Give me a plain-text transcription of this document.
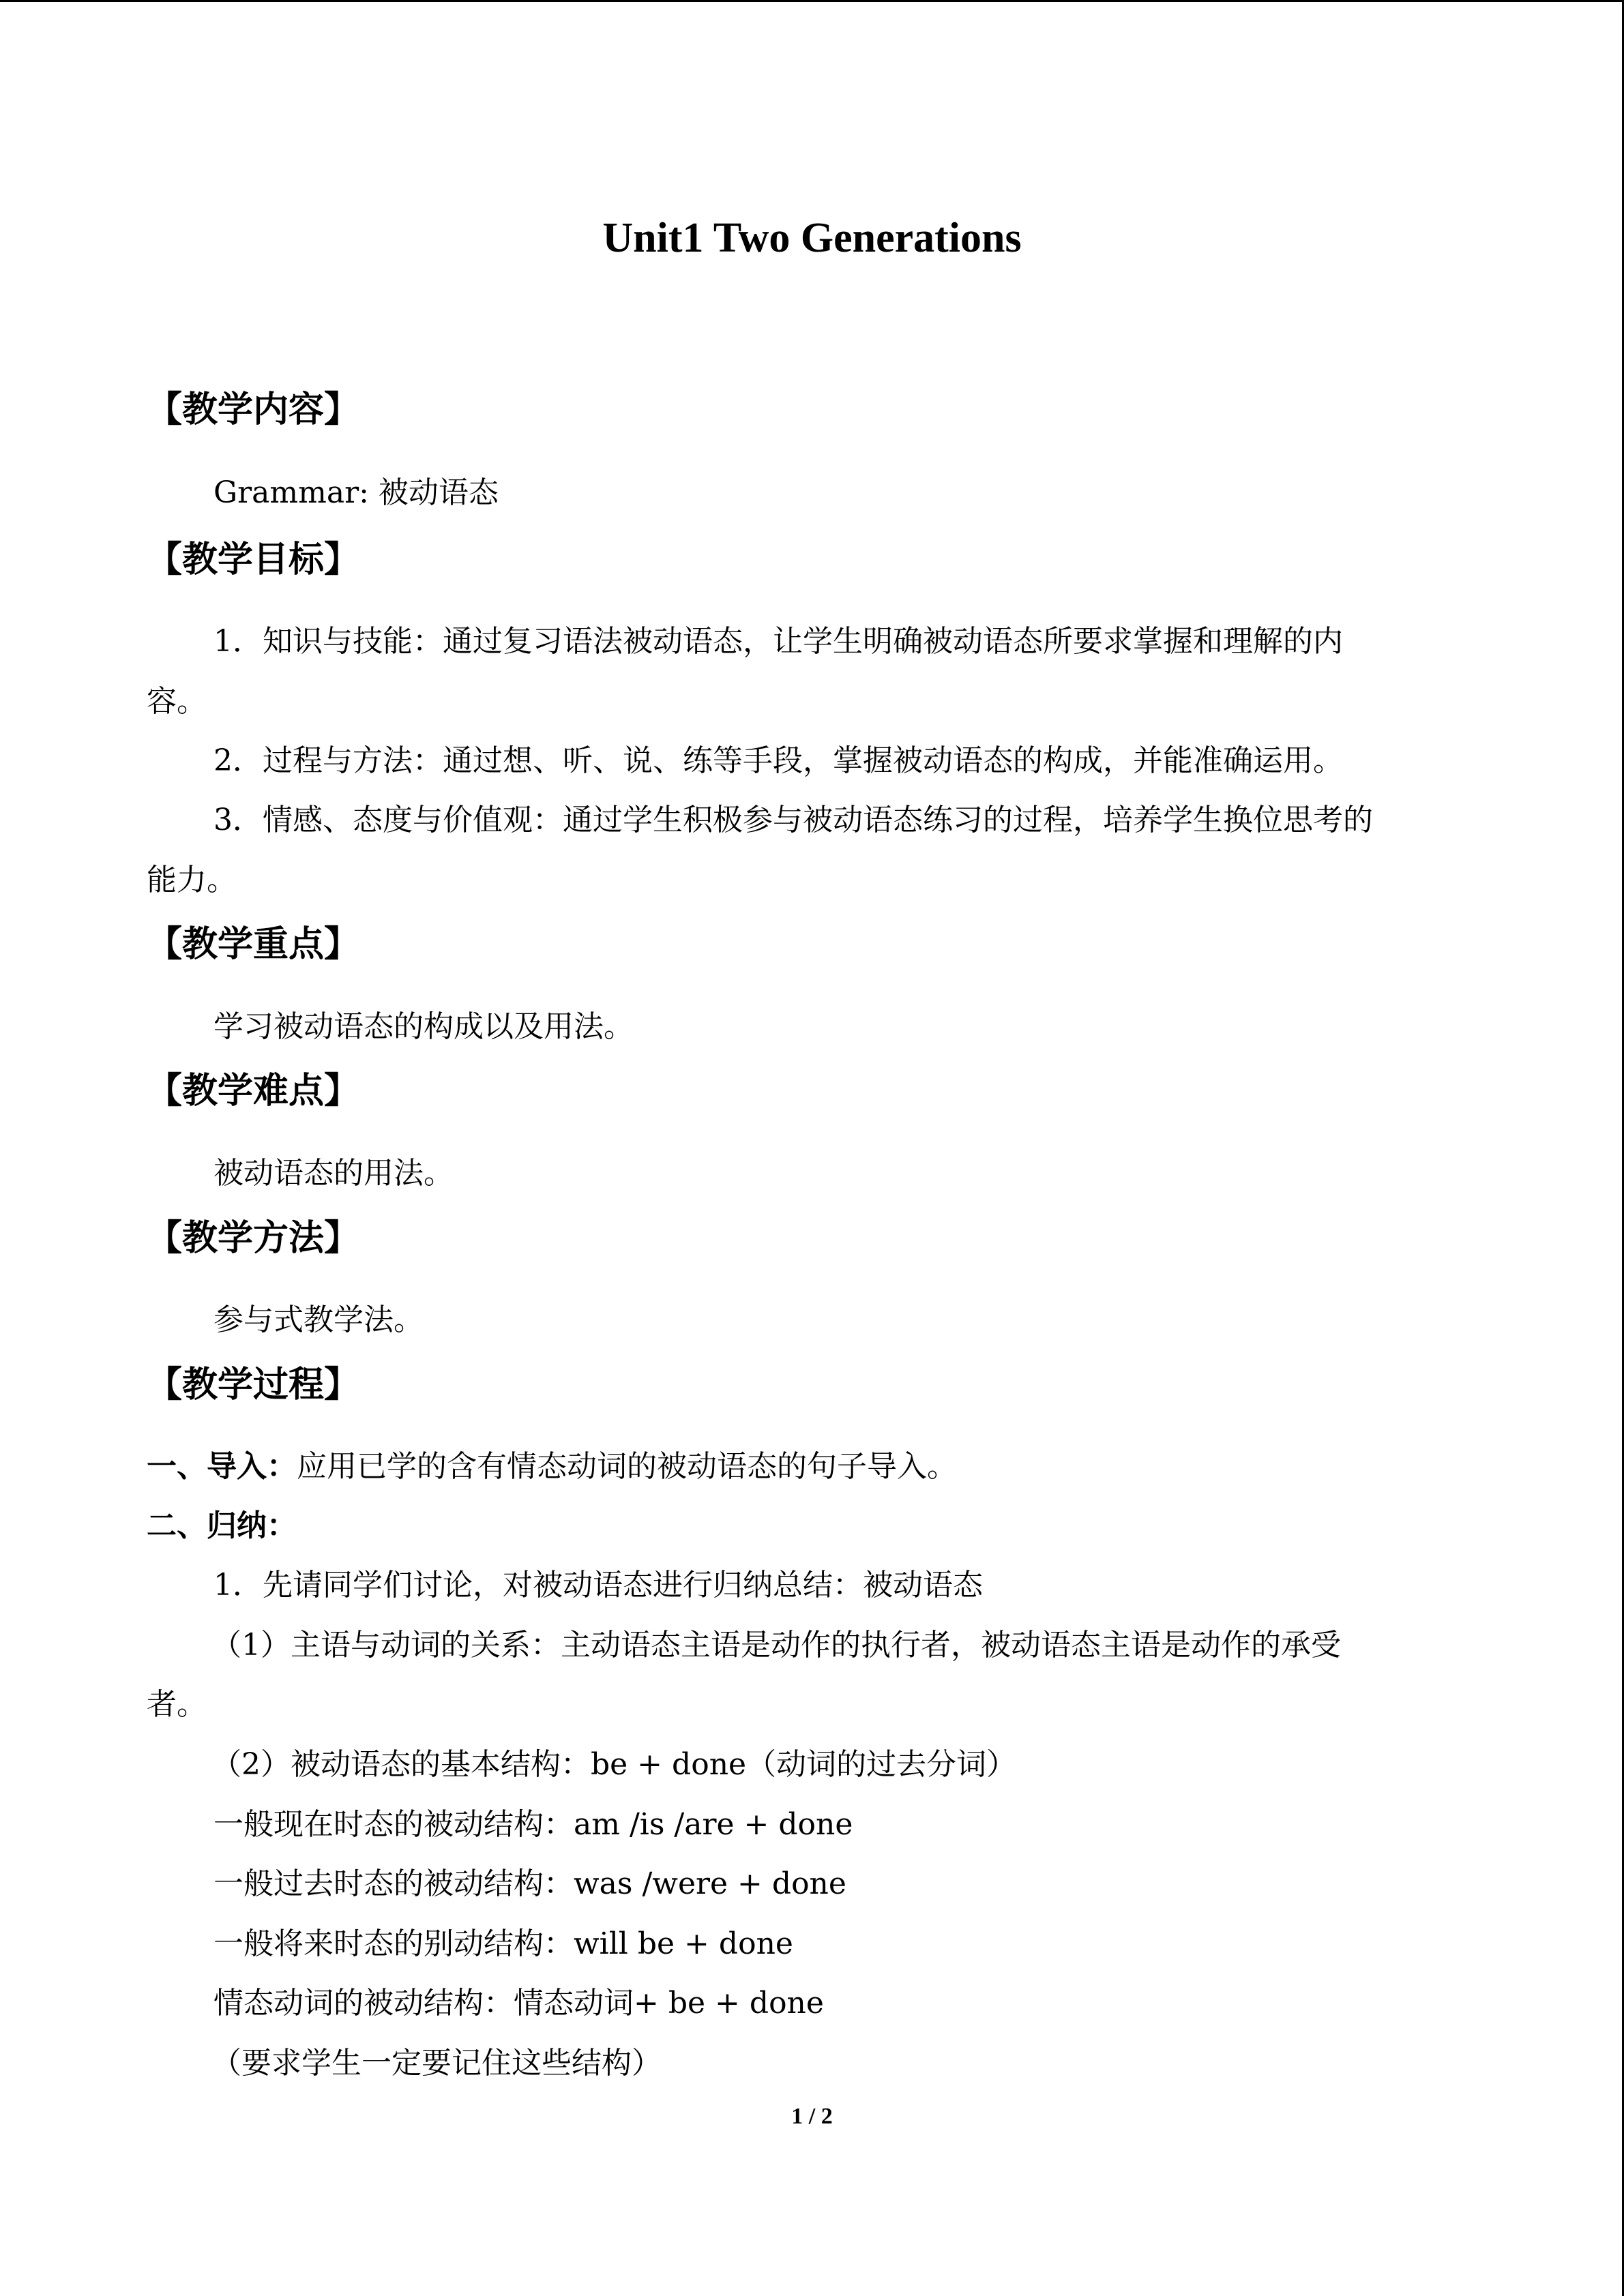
Unit1 Two Generations
【教学内容】
Grammar: 被动语态
【教学目标】
1．知识与技能：通过复习语法被动语态，让学生明确被动语态所要求掌握和理解的内
容。
2．过程与方法：通过想、听、说、练等手段，掌握被动语态的构成，并能准确运用。
3．情感、态度与价值观：通过学生积极参与被动语态练习的过程，培养学生换位思考的
能力。
【教学重点】
学习被动语态的构成以及用法。
【教学难点】
被动语态的用法。
【教学方法】
参与式教学法。
【教学过程】
一、导入：应用已学的含有情态动词的被动语态的句子导入。
二、归纳：
1．先请同学们讨论，对被动语态进行归纳总结：被动语态
（1）主语与动词的关系：主动语态主语是动作的执行者，被动语态主语是动作的承受
者。
（2）被动语态的基本结构：be + done（动词的过去分词）
一般现在时态的被动结构：am /is /are + done
一般过去时态的被动结构：was /were + done
一般将来时态的别动结构：will be + done
情态动词的被动结构：情态动词+ be + done
（要求学生一定要记住这些结构）
1 / 2
